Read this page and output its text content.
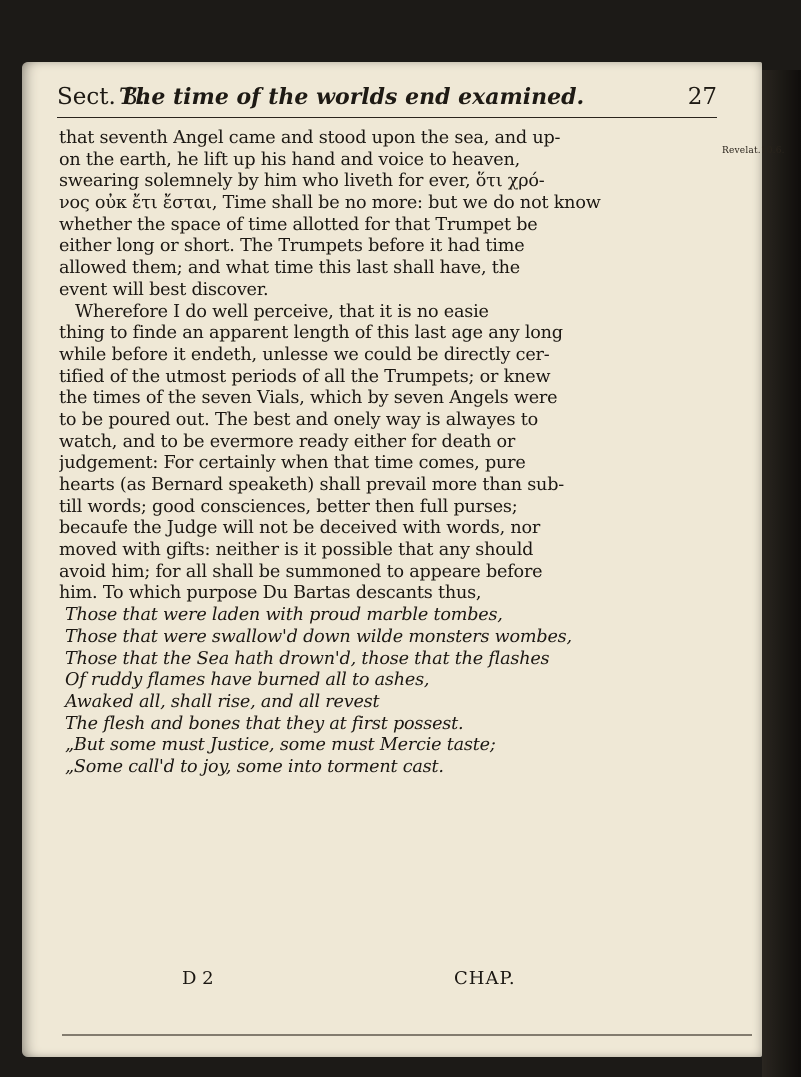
Sect. 3.
The time of the worlds end examined.	27
Revelat.10.6.
that seventh Angel came and stood upon the sea, and up-
on the earth, he lift up his hand and voice to heaven,
swearing solemnely by him who liveth for ever, ὅτι χρό-
νος οὐκ ἔτι ἔσται, Time shall be no more: but we do not know
whether the space of time allotted for that Trumpet be
either long or short. The Trumpets before it had time
allowed them; and what time this last shall have, the
event will best discover.
Wherefore I do well perceive, that it is no easie
thing to finde an apparent length of this last age any long
while before it endeth, unlesse we could be directly cer-
tified of the utmost periods of all the Trumpets; or knew
the times of the seven Vials, which by seven Angels were
to be poured out. The best and onely way is alwayes to
watch, and to be evermore ready either for death or
judgement: For certainly when that time comes, pure
hearts (as Bernard speaketh) shall prevail more than sub-
till words; good consciences, better then full purses;
becaufe the Judge will not be deceived with words, nor
moved with gifts: neither is it possible that any should
avoid him; for all shall be summoned to appeare before
him. To which purpose Du Bartas descants thus,
Those that were laden with proud marble tombes,
Those that were swallow'd down wilde monsters wombes,
Those that the Sea hath drown'd, those that the flashes
Of ruddy flames have burned all to ashes,
Awaked all, shall rise, and all revest
The flesh and bones that they at first possest.
„But some must Justice, some must Mercie taste;
„Some call'd to joy, some into torment cast.
D 2	CHAP.
